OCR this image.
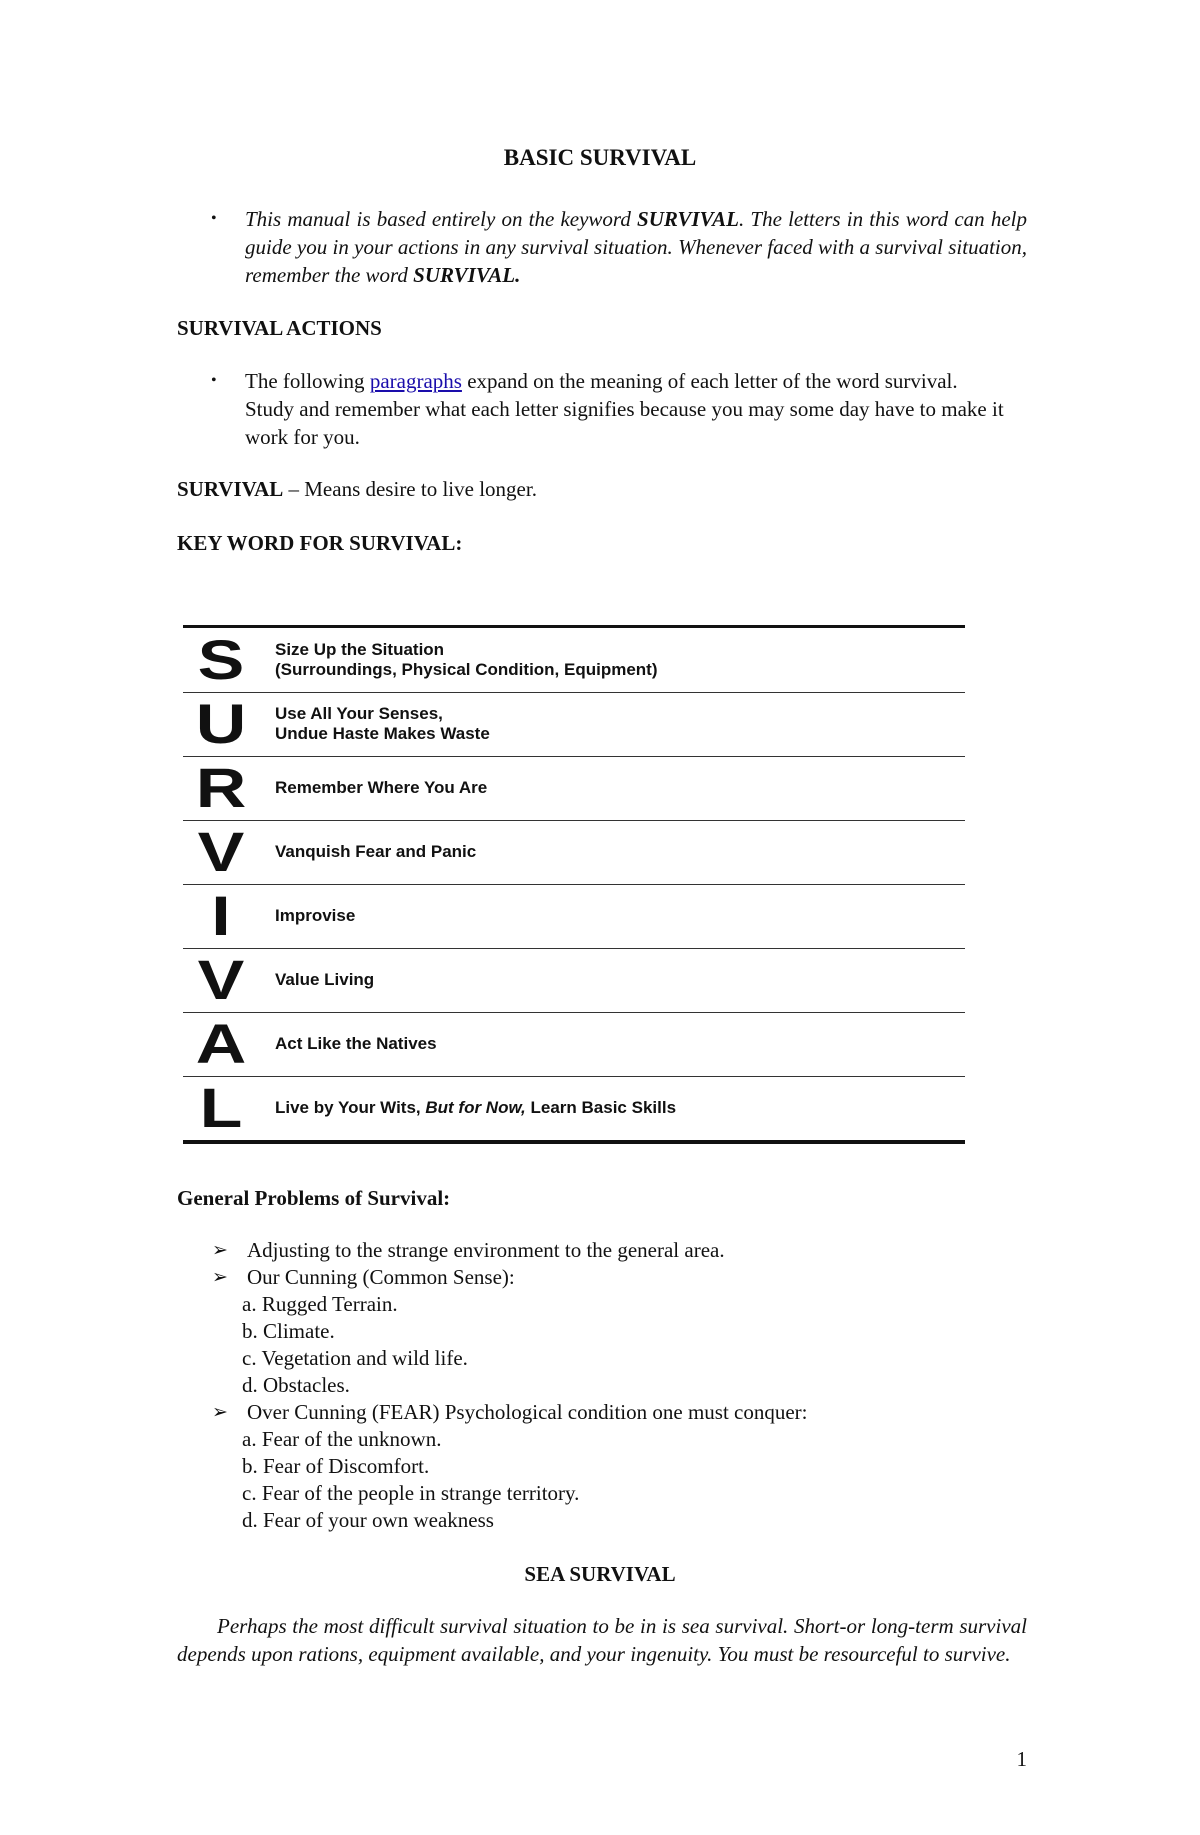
BASIC SURVIVAL
• This manual is based entirely on the keyword SURVIVAL. The letters in this word can help guide you in your actions in any survival situation. Whenever faced with a survival situation, remember the word SURVIVAL.
SURVIVAL ACTIONS
• The following paragraphs expand on the meaning of each letter of the word survival. Study and remember what each letter signifies because you may some day have to make it work for you.
SURVIVAL – Means desire to live longer.
KEY WORD FOR SURVIVAL:
S	Size Up the Situation
(Surroundings, Physical Condition, Equipment)
U	Use All Your Senses,
Undue Haste Makes Waste
R	Remember Where You Are
V	Vanquish Fear and Panic
I	Improvise
V	Value Living
A	Act Like the Natives
L	Live by Your Wits, But for Now, Learn Basic Skills
General Problems of Survival:
➢ Adjusting to the strange environment to the general area.
➢ Our Cunning (Common Sense):
a. Rugged Terrain.
b. Climate.
c. Vegetation and wild life.
d. Obstacles.
➢ Over Cunning (FEAR) Psychological condition one must conquer:
a. Fear of the unknown.
b. Fear of Discomfort.
c. Fear of the people in strange territory.
d. Fear of your own weakness
SEA SURVIVAL
Perhaps the most difficult survival situation to be in is sea survival. Short-or long-term survival depends upon rations, equipment available, and your ingenuity. You must be resourceful to survive.
1
